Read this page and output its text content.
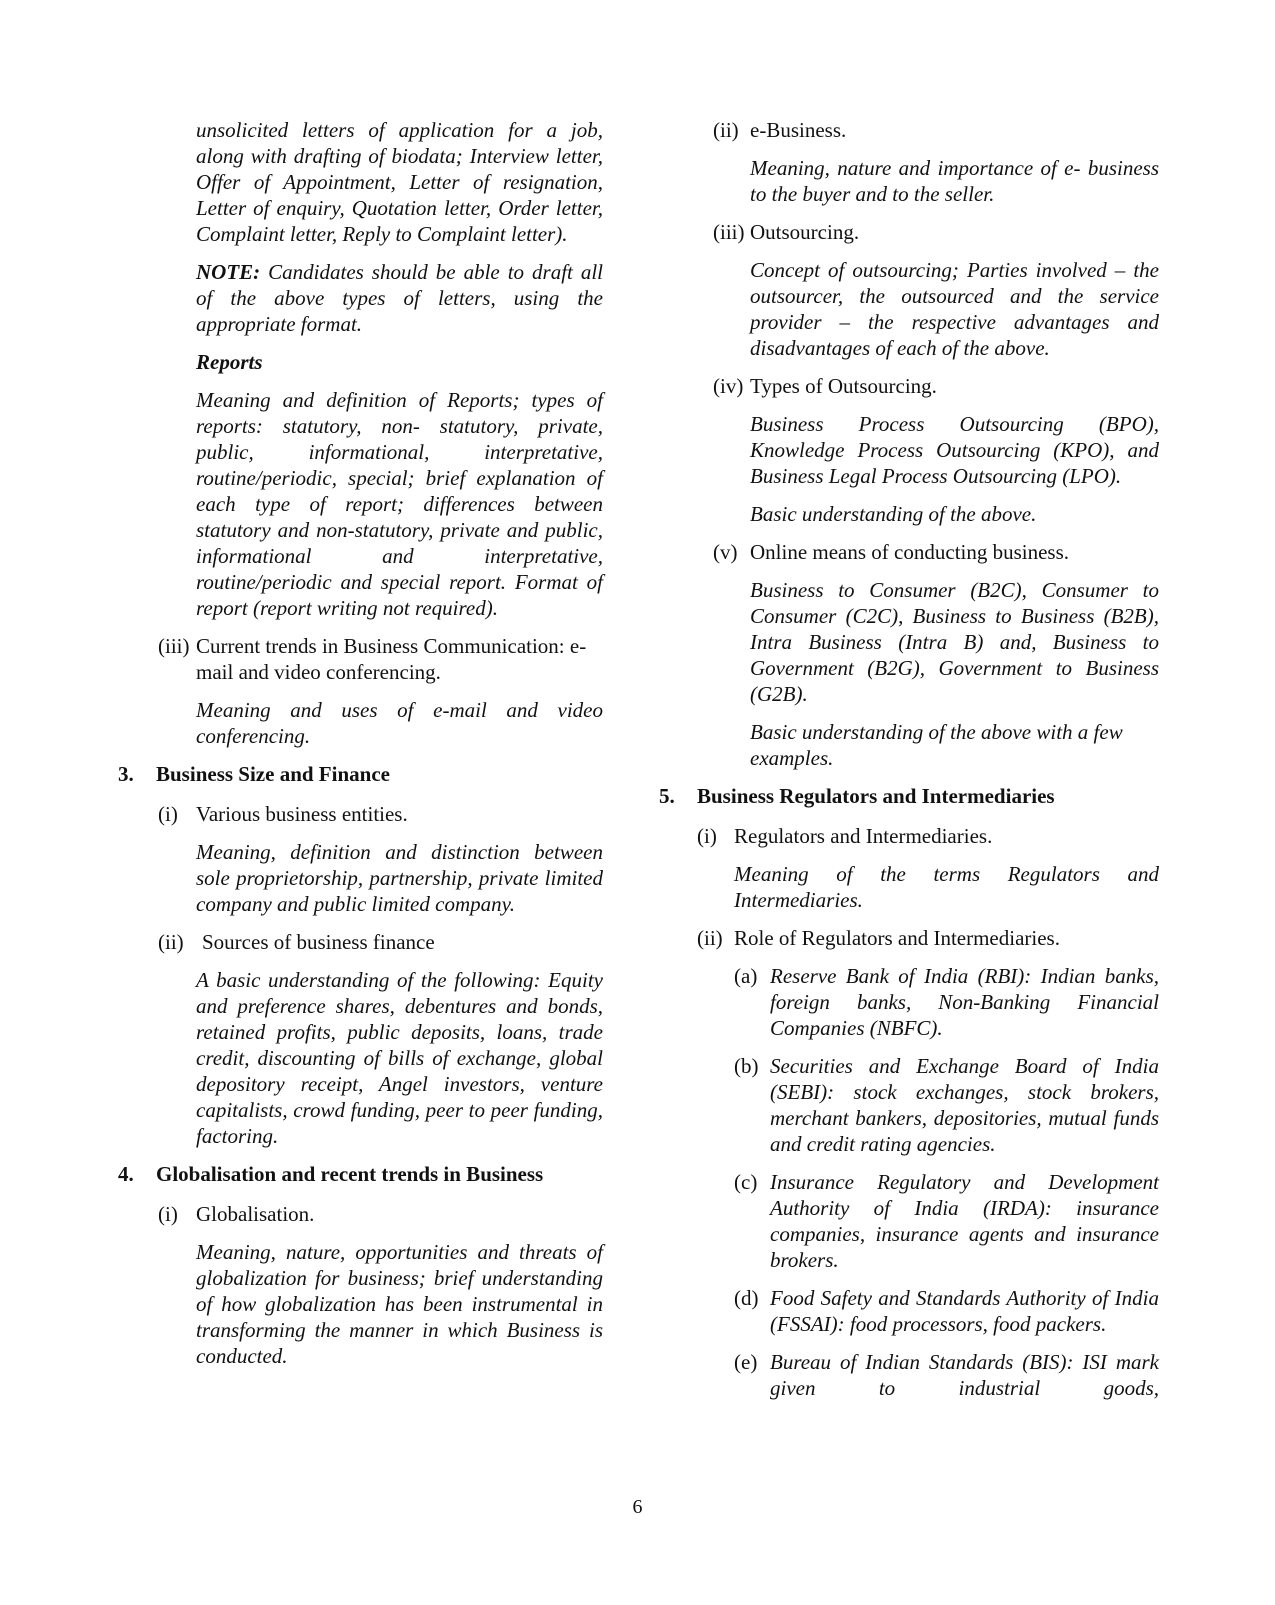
unsolicited letters of application for a job, along with drafting of biodata; Interview letter, Offer of Appointment, Letter of resignation, Letter of enquiry, Quotation letter, Order letter, Complaint letter, Reply to Complaint letter).

NOTE: Candidates should be able to draft all of the above types of letters, using the appropriate format.

Reports

Meaning and definition of Reports; types of reports: statutory, non- statutory, private, public, informational, interpretative, routine/periodic, special; brief explanation of each type of report; differences between statutory and non-statutory, private and public, informational and interpretative, routine/periodic and special report. Format of report (report writing not required).

(iii) Current trends in Business Communication: e-mail and video conferencing.

Meaning and uses of e-mail and video conferencing.

3.	Business Size and Finance
(i) Various business entities.

Meaning, definition and distinction between sole proprietorship, partnership, private limited company and public limited company.

(ii) Sources of business finance

A basic understanding of the following: Equity and preference shares, debentures and bonds, retained profits, public deposits, loans, trade credit, discounting of bills of exchange, global depository receipt, Angel investors, venture capitalists, crowd funding, peer to peer funding, factoring.

4.	Globalisation and recent trends in Business
(i) Globalisation.

Meaning, nature, opportunities and threats of globalization for business; brief understanding of how globalization has been instrumental in transforming the manner in which Business is conducted.

(ii) e-Business.

Meaning, nature and importance of e- business to the buyer and to the seller.

(iii) Outsourcing.

Concept of outsourcing; Parties involved – the outsourcer, the outsourced and the service provider – the respective advantages and disadvantages of each of the above.

(iv) Types of Outsourcing.

Business Process Outsourcing (BPO), Knowledge Process Outsourcing (KPO), and Business Legal Process Outsourcing (LPO).

Basic understanding of the above.

(v) Online means of conducting business.

Business to Consumer (B2C), Consumer to Consumer (C2C), Business to Business (B2B), Intra Business (Intra B) and, Business to Government (B2G), Government to Business (G2B).

Basic understanding of the above with a few examples.

5.	Business Regulators and Intermediaries
(i) Regulators and Intermediaries.

Meaning of the terms Regulators and Intermediaries.

(ii) Role of Regulators and Intermediaries.
(a) Reserve Bank of India (RBI): Indian banks, foreign banks, Non-Banking Financial Companies (NBFC).
(b) Securities and Exchange Board of India (SEBI): stock exchanges, stock brokers, merchant bankers, depositories, mutual funds and credit rating agencies.
(c) Insurance Regulatory and Development Authority of India (IRDA): insurance companies, insurance agents and insurance brokers.
(d) Food Safety and Standards Authority of India (FSSAI): food processors, food packers.
(e) Bureau of Indian Standards (BIS): ISI mark given to industrial goods,
6
